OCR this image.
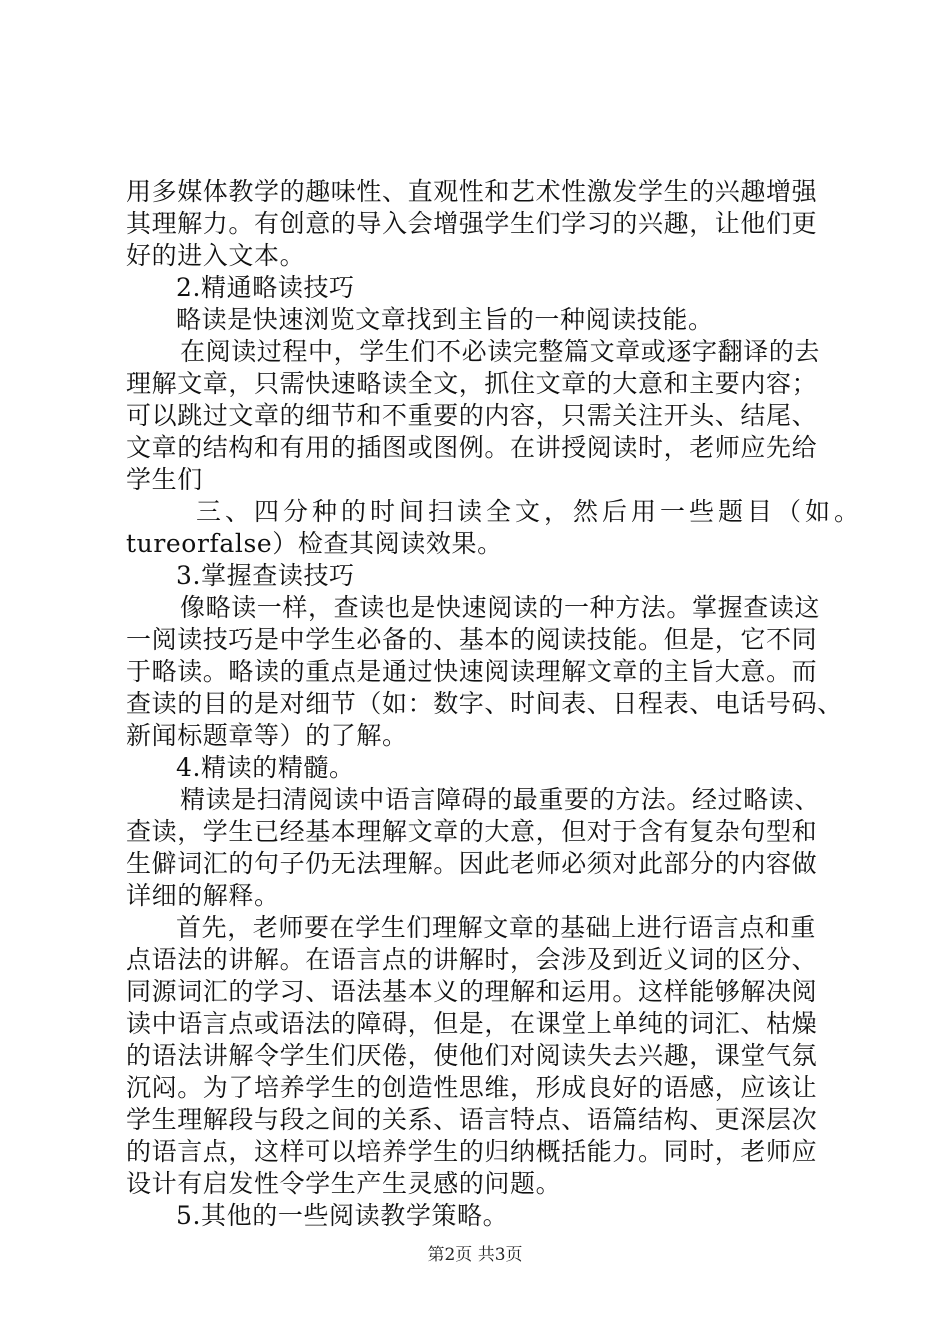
用多媒体教学的趣味性、直观性和艺术性激发学生的兴趣增强
其理解力。有创意的导入会增强学生们学习的兴趣，让他们更
好的进入文本。
2.精通略读技巧
略读是快速浏览文章找到主旨的一种阅读技能。
在阅读过程中，学生们不必读完整篇文章或逐字翻译的去
理解文章，只需快速略读全文，抓住文章的大意和主要内容；
可以跳过文章的细节和不重要的内容，只需关注开头、结尾、
文章的结构和有用的插图或图例。在讲授阅读时，老师应先给
学生们
三、四分种的时间扫读全文，然后用一些题目（如。
tureorfalse）检查其阅读效果。
3.掌握查读技巧
像略读一样，查读也是快速阅读的一种方法。掌握查读这
一阅读技巧是中学生必备的、基本的阅读技能。但是，它不同
于略读。略读的重点是通过快速阅读理解文章的主旨大意。而
查读的目的是对细节（如：数字、时间表、日程表、电话号码、
新闻标题章等）的了解。
4.精读的精髓。
精读是扫清阅读中语言障碍的最重要的方法。经过略读、
查读，学生已经基本理解文章的大意，但对于含有复杂句型和
生僻词汇的句子仍无法理解。因此老师必须对此部分的内容做
详细的解释。
首先，老师要在学生们理解文章的基础上进行语言点和重
点语法的讲解。在语言点的讲解时，会涉及到近义词的区分、
同源词汇的学习、语法基本义的理解和运用。这样能够解决阅
读中语言点或语法的障碍，但是，在课堂上单纯的词汇、枯燥
的语法讲解令学生们厌倦，使他们对阅读失去兴趣，课堂气氛
沉闷。为了培养学生的创造性思维，形成良好的语感，应该让
学生理解段与段之间的关系、语言特点、语篇结构、更深层次
的语言点，这样可以培养学生的归纳概括能力。同时，老师应
设计有启发性令学生产生灵感的问题。
5.其他的一些阅读教学策略。
第2页 共3页
